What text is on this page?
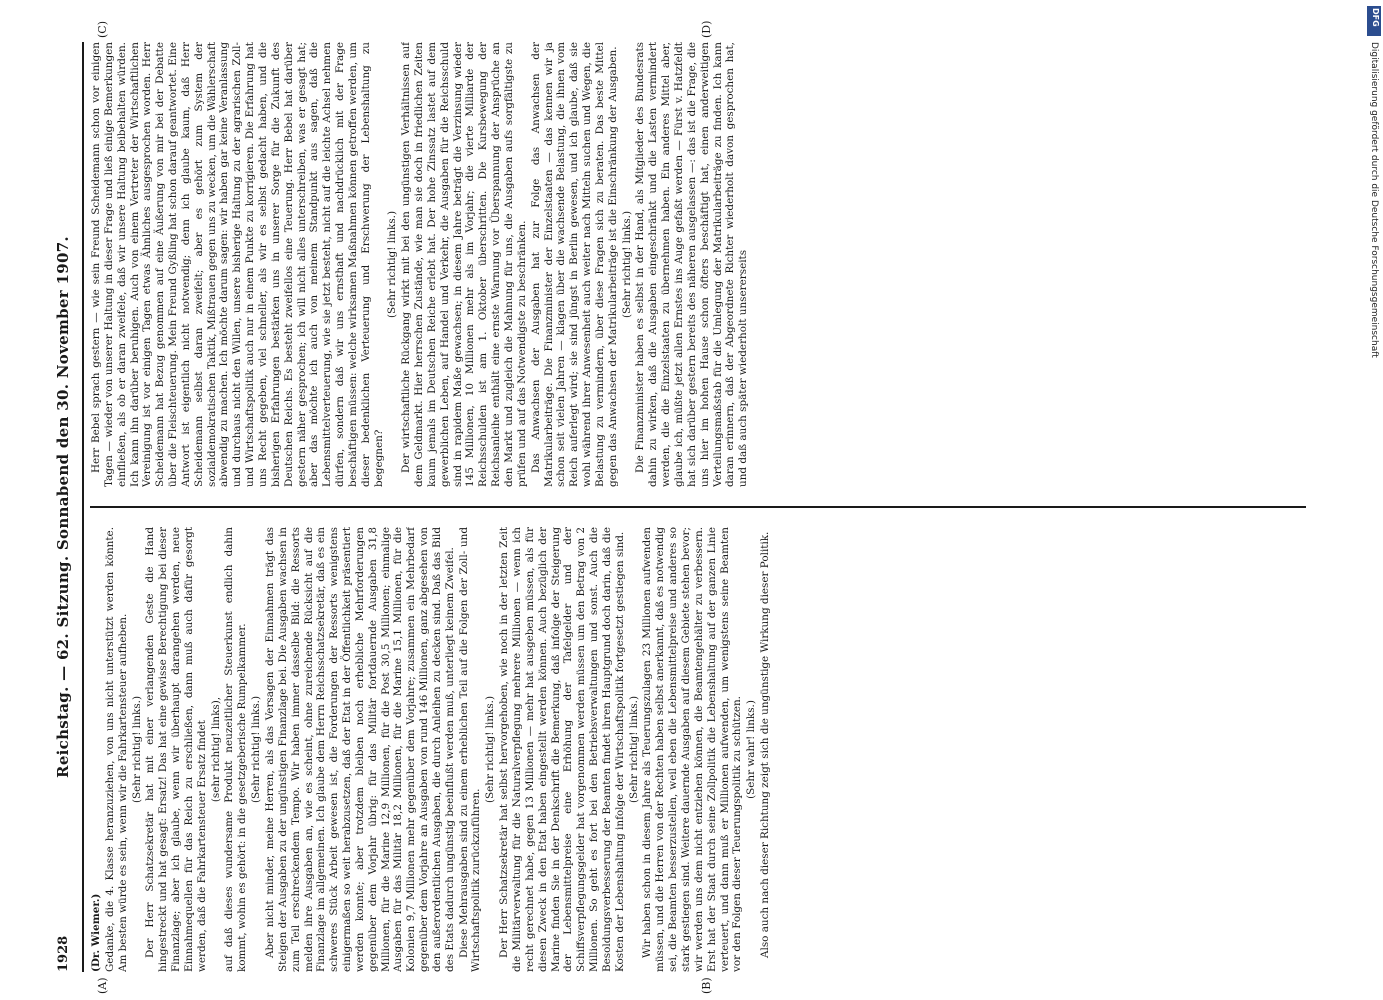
1928
Reichstag. — 62. Sitzung. Sonnabend den 30. November 1907.
(A)	(B)
(C)	(D)

(Dr. Wiemer.) Gedanke, die 4. Klasse heranzuziehen, von uns nicht unterstützt werden könnte. Am besten würde es sein, wenn wir die Fahrkartensteuer aufheben. (Sehr richtig! links.) Der Herr Schatzsekretär hat mit einer verlangenden Geste die Hand hingestreckt und hat gesagt: Ersatz! Das hat eine gewisse Berechtigung bei dieser Finanzlage; aber ich glaube, wenn wir überhaupt darangehen werden, neue Einnahmequellen für das Reich zu erschließen, dann muß auch dafür gesorgt werden, daß die Fahrkartensteuer Ersatz findet (sehr richtig! links), auf daß dieses wundersame Produkt neuzeitlicher Steuerkunst endlich dahin kommt, wohin es gehört: in die gesetzgeberische Rumpelkammer. (Sehr richtig! links.) Aber nicht minder, meine Herren, als das Versagen der Einnahmen trägt das Steigen der Ausgaben zu der ungünstigen Finanzlage bei. Die Ausgaben wachsen in zum Teil erschreckendem Tempo. Wir haben immer dasselbe Bild: die Ressorts melden ihre Ausgaben an, wie es scheint, ohne zureichende Rücksicht auf die Finanzlage im allgemeinen. Ich glaube dem Herrn Reichsschatzsekretär, daß es ein schweres Stück Arbeit gewesen ist, die Forderungen der Ressorts wenigstens einigermaßen so weit herabzusetzen, daß der Etat in der Öffentlichkeit präsentiert werden konnte; aber trotzdem bleiben noch erhebliche Mehrforderungen gegenüber dem Vorjahr übrig: für das Militär fortdauernde Ausgaben 31,8 Millionen, für die Marine 12,9 Millionen, für die Post 30,5 Millionen; einmalige Ausgaben für das Militär 18,2 Millionen, für die Marine 15,1 Millionen, für die Kolonien 9,7 Millionen mehr gegenüber dem Vorjahre; zusammen ein Mehrbedarf gegenüber dem Vorjahre an Ausgaben von rund 146 Millionen, ganz abgesehen von den außerordentlichen Ausgaben, die durch Anleihen zu decken sind. Daß das Bild des Etats dadurch ungünstig beeinflußt werden muß, unterliegt keinem Zweifel. Diese Mehrausgaben sind zu einem erheblichen Teil auf die Folgen der Zoll- und Wirtschaftspolitik zurückzuführen.

(Sehr richtig! links.) Der Herr Schatzsekretär hat selbst hervorgehoben, wie noch in der letzten Zeit die Militärverwaltung für die Naturalverpflegung mehrere Millionen — wenn ich recht gerechnet habe, gegen 13 Millionen — mehr hat ausgeben müssen, als für diesen Zweck in den Etat haben eingestellt werden können. Auch bezüglich der Marine finden Sie in der Denkschrift die Bemerkung, daß infolge der Steigerung der Lebensmittelpreise eine Erhöhung der Tafelgelder und der Schiffsverpflegungsgelder hat vorgenommen werden müssen um den Betrag von 2 Millionen. So geht es fort bei den Betriebsverwaltungen und sonst. Auch die Besoldungsverbesserung der Beamten findet ihren Hauptgrund doch darin, daß die Kosten der Lebenshaltung infolge der Wirtschaftspolitik fortgesetzt gestiegen sind. (Sehr richtig! links.) Wir haben schon in diesem Jahre als Teuerungszulagen 23 Millionen aufwenden müssen, und die Herren von der Rechten haben selbst anerkannt, daß es notwendig sei, die Beamten besserzustellen, weil eben die Lebensmittelpreise und anderes so stark gestiegen sind. Weitere dauernde Ausgaben auf diesem Gebiete stehen bevor; wir werden uns dem nicht entziehen können, die Beamtengehälter zu verbessern. Erst hat der Staat durch seine Zollpolitik die Lebenshaltung auf der ganzen Linie verteuert, und dann muß er Millionen aufwenden, um wenigstens seine Beamten vor den Folgen dieser Teuerungspolitik zu schützen. (Sehr wahr! links.) Also auch nach dieser Richtung zeigt sich die ungünstige Wirkung dieser Politik.

Herr Bebel sprach gestern — wie sein Freund Scheidemann schon vor einigen Tagen — wieder von unserer Haltung in dieser Frage und ließ einige Bemerkungen einfließen, als ob er daran zweifele, daß wir unsere Haltung beibehalten würden. Ich kann ihn darüber beruhigen. Auch von einem Vertreter der Wirtschaftlichen Vereinigung ist vor einigen Tagen etwas Ähnliches ausgesprochen worden. Herr Scheidemann hat Bezug genommen auf eine Äußerung von mir bei der Debatte über die Fleischteuerung. Mein Freund Gyßling hat schon darauf geantwortet. Eine Antwort ist eigentlich nicht notwendig; denn ich glaube kaum, daß Herr Scheidemann selbst daran zweifelt; aber es gehört zum System der sozialdemokratischen Taktik, Mißtrauen gegen uns zu wecken, um die Wählerschaft abwendig zu machen. Ich möchte darum sagen: wir haben gar keine Veranlassung und durchaus nicht den Willen, unsere bisherige Haltung zu der agrarischen Zoll- und Wirtschaftspolitik auch nur in einem Punkte zu korrigieren. Die Erfahrung hat uns Recht gegeben, viel schneller, als wir es selbst gedacht haben, und die bisherigen Erfahrungen bestärken uns in unserer Sorge für die Zukunft des Deutschen Reichs. Es besteht zweifellos eine Teuerung. Herr Bebel hat darüber gestern näher gesprochen; ich will nicht alles unterschreiben, was er gesagt hat; aber das möchte ich auch von meinem Standpunkt aus sagen, daß die Lebensmittelverteuerung, wie sie jetzt besteht, nicht auf die leichte Achsel nehmen dürfen, sondern daß wir uns ernsthaft und nachdrücklich mit der Frage beschäftigen müssen: welche wirksamen Maßnahmen können getroffen werden, um dieser bedenklichen Verteuerung und Erschwerung der Lebenshaltung zu begegnen?

(Sehr richtig! links.) Der wirtschaftliche Rückgang wirkt mit bei den ungünstigen Verhältnissen auf dem Geldmarkt. Hier herrschen Zustände, wie man sie doch in friedlichen Zeiten kaum jemals im Deutschen Reiche erlebt hat. Der hohe Zinssatz lastet auf dem gewerblichen Leben, auf Handel und Verkehr, die Ausgaben für die Reichsschuld sind in rapidem Maße gewachsen; in diesem Jahre beträgt die Verzinsung wieder 145 Millionen, 10 Millionen mehr als im Vorjahr; die vierte Milliarde der Reichsschulden ist am 1. Oktober überschritten. Die Kursbewegung der Reichsanleihe enthält eine ernste Warnung vor Überspannung der Ansprüche an den Markt und zugleich die Mahnung für uns, die Ausgaben aufs sorgfältigste zu prüfen und auf das Notwendigste zu beschränken. Das Anwachsen der Ausgaben hat zur Folge das Anwachsen der Matrikularbeiträge. Die Finanzminister der Einzelstaaten — das kennen wir ja schon seit vielen Jahren — klagen über die wachsende Belastung, die ihnen vom Reich auferlegt wird; sie sind jüngst in Berlin gewesen, und ich glaube, daß sie wohl während ihrer Anwesenheit auch weiter nach Mitteln suchen und Wegen, die Belastung zu vermindern, über diese Fragen sich zu beraten. Das beste Mittel gegen das Anwachsen der Matrikularbeiträge ist die Einschränkung der Ausgaben. (Sehr richtig! links.) Die Finanzminister haben es selbst in der Hand, als Mitglieder des Bundesrats dahin zu wirken, daß die Ausgaben eingeschränkt und die Lasten vermindert werden, die die Einzelstaaten zu übernehmen haben. Ein anderes Mittel aber, glaube ich, müßte jetzt allen Ernstes ins Auge gefaßt werden — Fürst v. Hatzfeldt hat sich darüber gestern bereits des näheren ausgelassen —: das ist die Frage, die uns hier im hohen Hause schon öfters beschäftigt hat, einen anderweitigen Verteilungsmaßstab für die Umlegung der Matrikularbeiträge zu finden. Ich kann daran erinnern, daß der Abgeordnete Richter wiederholt davon gesprochen hat, und daß auch später wiederholt unsererseits

DFG
Digitalisierung gefördert durch die Deutsche Forschungsgemeinschaft
